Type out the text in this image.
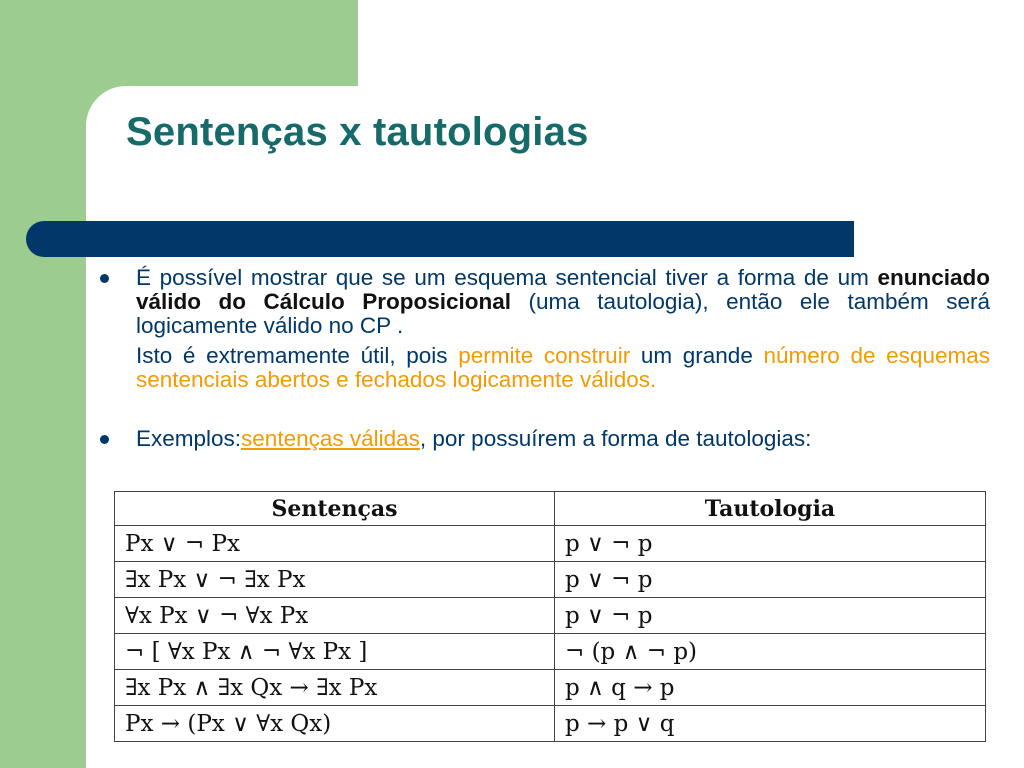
Sentenças x tautologias

É possível mostrar que se um esquema sentencial tiver a forma de um enunciado válido do Cálculo Proposicional (uma tautologia), então ele também será logicamente válido no CP .

Isto é extremamente útil, pois permite construir um grande número de esquemas sentenciais abertos e fechados logicamente válidos.

Exemplos:sentenças válidas, por possuírem a forma de tautologias:

Sentenças	Tautologia
Px ∨ ¬ Px	p ∨ ¬ p
∃x Px ∨ ¬ ∃x Px	p ∨ ¬ p
∀x Px ∨ ¬ ∀x Px	p ∨ ¬ p
¬ [ ∀x Px ∧ ¬ ∀x Px ]	¬ (p ∧ ¬ p)
∃x Px ∧ ∃x Qx → ∃x Px	p ∧ q → p
Px → (Px ∨ ∀x Qx)	p → p ∨ q
